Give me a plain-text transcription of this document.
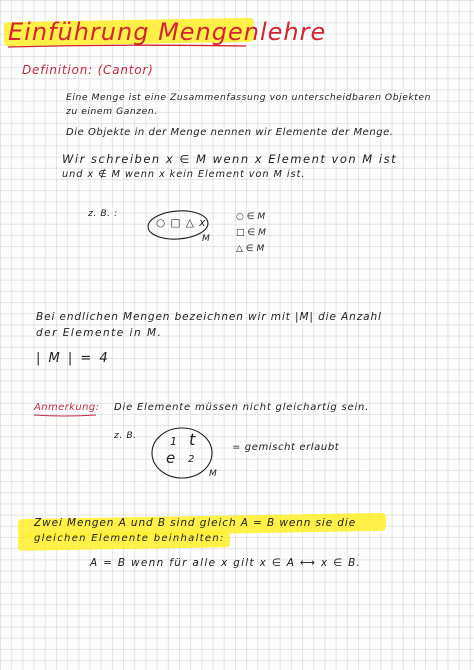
Einführung Mengenlehre
Definition: (Cantor)
Eine Menge ist eine Zusammenfassung von unterscheidbaren Objekten
zu einem Ganzen.
Die Objekte in der Menge nennen wir Elemente der Menge.
Wir schreiben x ∈ M wenn x Element von M ist
und x ∉ M wenn x kein Element von M ist.
z. B. :
○ □ △ x
M
○ ∈ M
□ ∈ M
△ ∈ M
Bei endlichen Mengen bezeichnen wir mit |M| die Anzahl
der Elemente in M.
| M | = 4
Anmerkung: Die Elemente müssen nicht gleichartig sein.
z. B.	1 t
e 2
M
= gemischt erlaubt
Zwei Mengen A und B sind gleich A = B wenn sie die
gleichen Elemente beinhalten:
A = B wenn für alle x gilt x ∈ A ⟷ x ∈ B.
